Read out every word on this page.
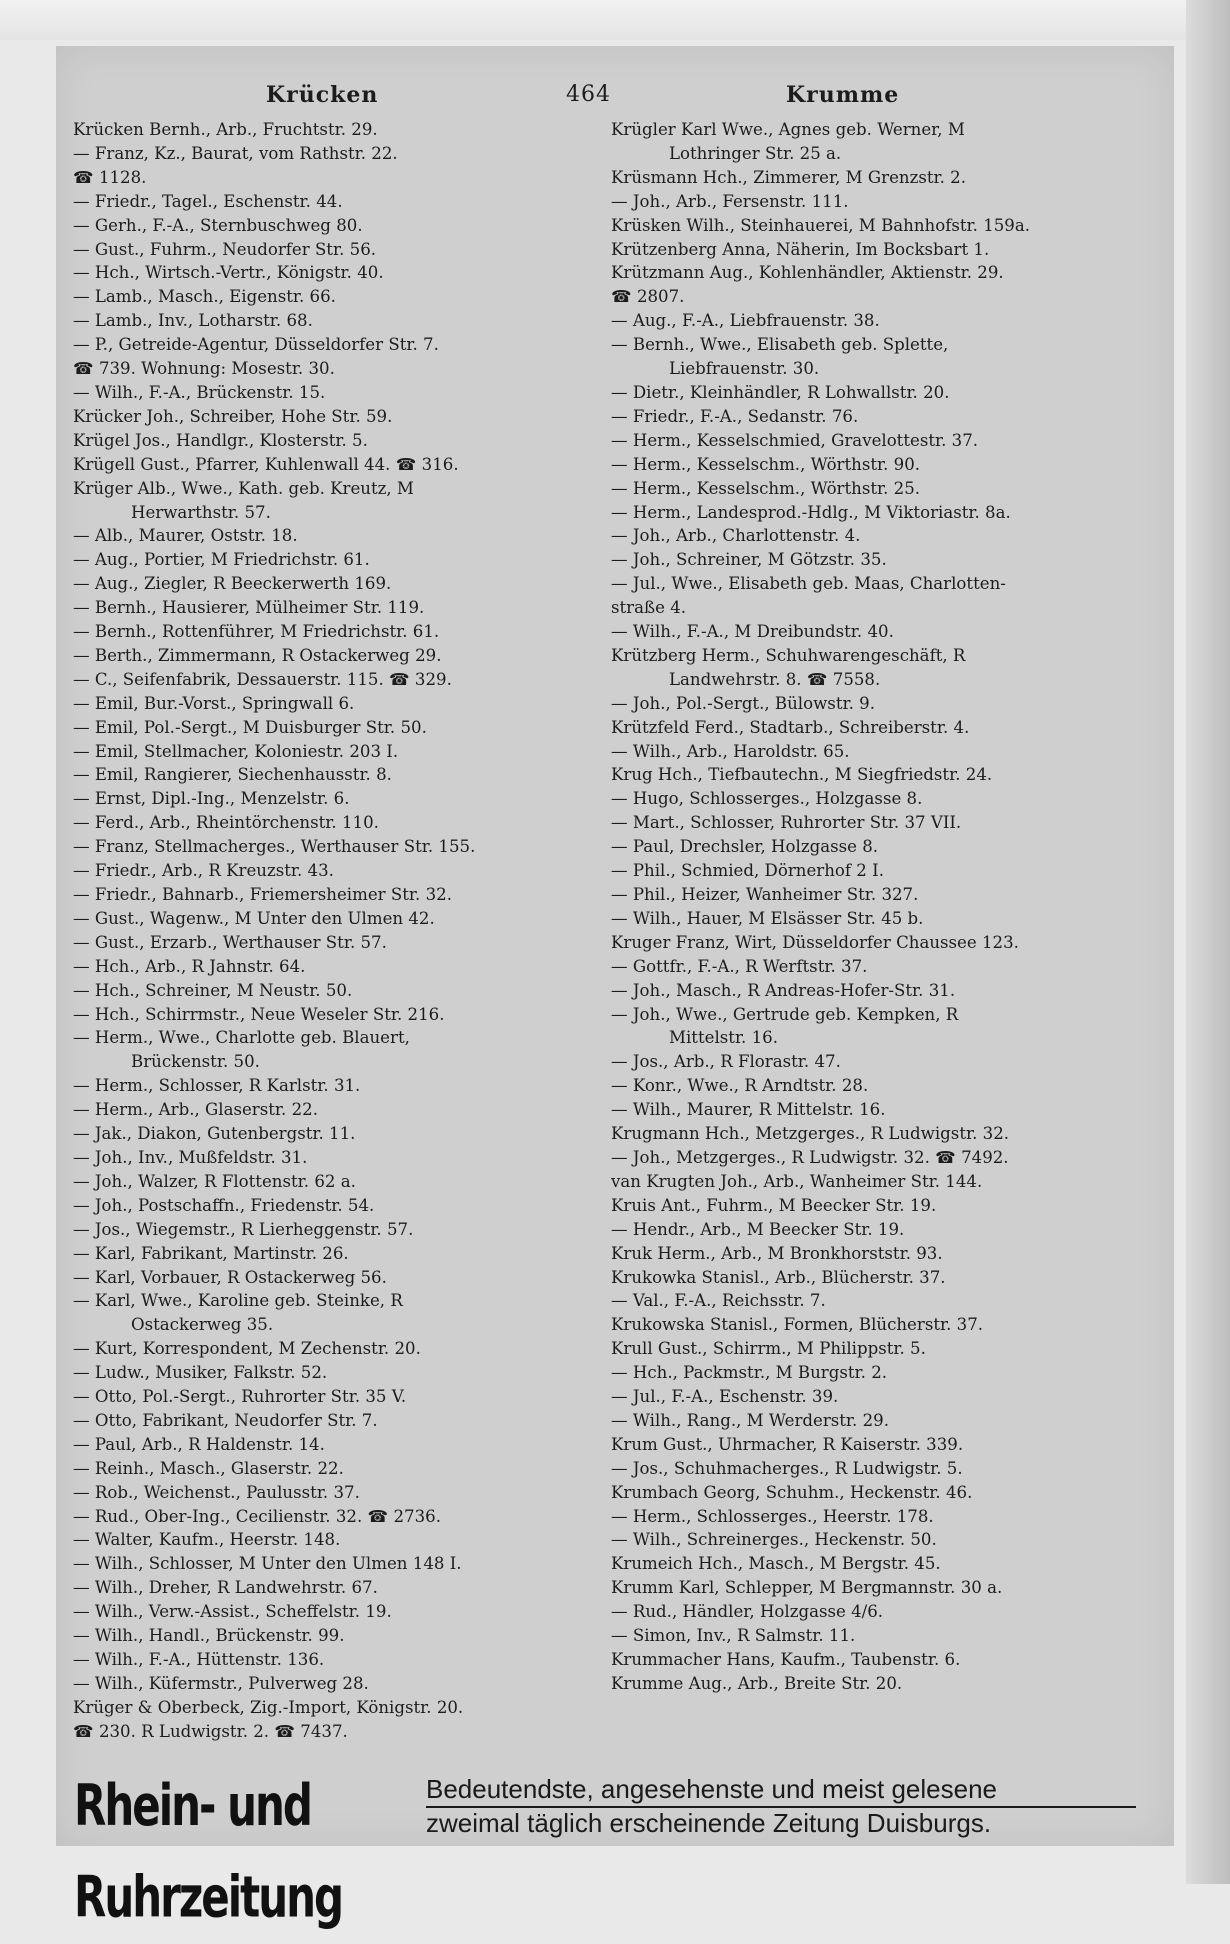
Krücken	464	Krumme
Krücken Bernh., Arb., Fruchtstr. 29.
— Franz, Kz., Baurat, vom Rathstr. 22.
☎ 1128.
— Friedr., Tagel., Eschenstr. 44.
— Gerh., F.-A., Sternbuschweg 80.
— Gust., Fuhrm., Neudorfer Str. 56.
— Hch., Wirtsch.-Vertr., Königstr. 40.
— Lamb., Masch., Eigenstr. 66.
— Lamb., Inv., Lotharstr. 68.
— P., Getreide-Agentur, Düsseldorfer Str. 7.
☎ 739. Wohnung: Mosestr. 30.
— Wilh., F.-A., Brückenstr. 15.
Krücker Joh., Schreiber, Hohe Str. 59.
Krügel Jos., Handlgr., Klosterstr. 5.
Krügell Gust., Pfarrer, Kuhlenwall 44. ☎ 316.
Krüger Alb., Wwe., Kath. geb. Kreutz, M
Herwarthstr. 57.
— Alb., Maurer, Oststr. 18.
— Aug., Portier, M Friedrichstr. 61.
— Aug., Ziegler, R Beeckerwerth 169.
— Bernh., Hausierer, Mülheimer Str. 119.
— Bernh., Rottenführer, M Friedrichstr. 61.
— Berth., Zimmermann, R Ostackerweg 29.
— C., Seifenfabrik, Dessauerstr. 115. ☎ 329.
— Emil, Bur.-Vorst., Springwall 6.
— Emil, Pol.-Sergt., M Duisburger Str. 50.
— Emil, Stellmacher, Koloniestr. 203 I.
— Emil, Rangierer, Siechenhausstr. 8.
— Ernst, Dipl.-Ing., Menzelstr. 6.
— Ferd., Arb., Rheintörchenstr. 110.
— Franz, Stellmacherges., Werthauser Str. 155.
— Friedr., Arb., R Kreuzstr. 43.
— Friedr., Bahnarb., Friemersheimer Str. 32.
— Gust., Wagenw., M Unter den Ulmen 42.
— Gust., Erzarb., Werthauser Str. 57.
— Hch., Arb., R Jahnstr. 64.
— Hch., Schreiner, M Neustr. 50.
— Hch., Schirrmstr., Neue Weseler Str. 216.
— Herm., Wwe., Charlotte geb. Blauert,
Brückenstr. 50.
— Herm., Schlosser, R Karlstr. 31.
— Herm., Arb., Glaserstr. 22.
— Jak., Diakon, Gutenbergstr. 11.
— Joh., Inv., Mußfeldstr. 31.
— Joh., Walzer, R Flottenstr. 62 a.
— Joh., Postschaffn., Friedenstr. 54.
— Jos., Wiegemstr., R Lierheggenstr. 57.
— Karl, Fabrikant, Martinstr. 26.
— Karl, Vorbauer, R Ostackerweg 56.
— Karl, Wwe., Karoline geb. Steinke, R
Ostackerweg 35.
— Kurt, Korrespondent, M Zechenstr. 20.
— Ludw., Musiker, Falkstr. 52.
— Otto, Pol.-Sergt., Ruhrorter Str. 35 V.
— Otto, Fabrikant, Neudorfer Str. 7.
— Paul, Arb., R Haldenstr. 14.
— Reinh., Masch., Glaserstr. 22.
— Rob., Weichenst., Paulusstr. 37.
— Rud., Ober-Ing., Cecilienstr. 32. ☎ 2736.
— Walter, Kaufm., Heerstr. 148.
— Wilh., Schlosser, M Unter den Ulmen 148 I.
— Wilh., Dreher, R Landwehrstr. 67.
— Wilh., Verw.-Assist., Scheffelstr. 19.
— Wilh., Handl., Brückenstr. 99.
— Wilh., F.-A., Hüttenstr. 136.
— Wilh., Küfermstr., Pulverweg 28.
Krüger & Oberbeck, Zig.-Import, Königstr. 20.
☎ 230. R Ludwigstr. 2. ☎ 7437.
Krügler Karl Wwe., Agnes geb. Werner, M
Lothringer Str. 25 a.
Krüsmann Hch., Zimmerer, M Grenzstr. 2.
— Joh., Arb., Fersenstr. 111.
Krüsken Wilh., Steinhauerei, M Bahnhofstr. 159a.
Krützenberg Anna, Näherin, Im Bocksbart 1.
Krützmann Aug., Kohlenhändler, Aktienstr. 29.
☎ 2807.
— Aug., F.-A., Liebfrauenstr. 38.
— Bernh., Wwe., Elisabeth geb. Splette,
Liebfrauenstr. 30.
— Dietr., Kleinhändler, R Lohwallstr. 20.
— Friedr., F.-A., Sedanstr. 76.
— Herm., Kesselschmied, Gravelottestr. 37.
— Herm., Kesselschm., Wörthstr. 90.
— Herm., Kesselschm., Wörthstr. 25.
— Herm., Landesprod.-Hdlg., M Viktoriastr. 8a.
— Joh., Arb., Charlottenstr. 4.
— Joh., Schreiner, M Götzstr. 35.
— Jul., Wwe., Elisabeth geb. Maas, Charlotten-
straße 4.
— Wilh., F.-A., M Dreibundstr. 40.
Krützberg Herm., Schuhwarengeschäft, R
Landwehrstr. 8. ☎ 7558.
— Joh., Pol.-Sergt., Bülowstr. 9.
Krützfeld Ferd., Stadtarb., Schreiberstr. 4.
— Wilh., Arb., Haroldstr. 65.
Krug Hch., Tiefbautechn., M Siegfriedstr. 24.
— Hugo, Schlosserges., Holzgasse 8.
— Mart., Schlosser, Ruhrorter Str. 37 VII.
— Paul, Drechsler, Holzgasse 8.
— Phil., Schmied, Dörnerhof 2 I.
— Phil., Heizer, Wanheimer Str. 327.
— Wilh., Hauer, M Elsässer Str. 45 b.
Kruger Franz, Wirt, Düsseldorfer Chaussee 123.
— Gottfr., F.-A., R Werftstr. 37.
— Joh., Masch., R Andreas-Hofer-Str. 31.
— Joh., Wwe., Gertrude geb. Kempken, R
Mittelstr. 16.
— Jos., Arb., R Florastr. 47.
— Konr., Wwe., R Arndtstr. 28.
— Wilh., Maurer, R Mittelstr. 16.
Krugmann Hch., Metzgerges., R Ludwigstr. 32.
— Joh., Metzgerges., R Ludwigstr. 32. ☎ 7492.
van Krugten Joh., Arb., Wanheimer Str. 144.
Kruis Ant., Fuhrm., M Beecker Str. 19.
— Hendr., Arb., M Beecker Str. 19.
Kruk Herm., Arb., M Bronkhorststr. 93.
Krukowka Stanisl., Arb., Blücherstr. 37.
— Val., F.-A., Reichsstr. 7.
Krukowska Stanisl., Formen, Blücherstr. 37.
Krull Gust., Schirrm., M Philippstr. 5.
— Hch., Packmstr., M Burgstr. 2.
— Jul., F.-A., Eschenstr. 39.
— Wilh., Rang., M Werderstr. 29.
Krum Gust., Uhrmacher, R Kaiserstr. 339.
— Jos., Schuhmacherges., R Ludwigstr. 5.
Krumbach Georg, Schuhm., Heckenstr. 46.
— Herm., Schlosserges., Heerstr. 178.
— Wilh., Schreinerges., Heckenstr. 50.
Krumeich Hch., Masch., M Bergstr. 45.
Krumm Karl, Schlepper, M Bergmannstr. 30 a.
— Rud., Händler, Holzgasse 4/6.
— Simon, Inv., R Salmstr. 11.
Krummacher Hans, Kaufm., Taubenstr. 6.
Krumme Aug., Arb., Breite Str. 20.
Rhein- und Ruhrzeitung
Bedeutendste, angesehenste und meist gelesene
zweimal täglich erscheinende Zeitung Duisburgs.
